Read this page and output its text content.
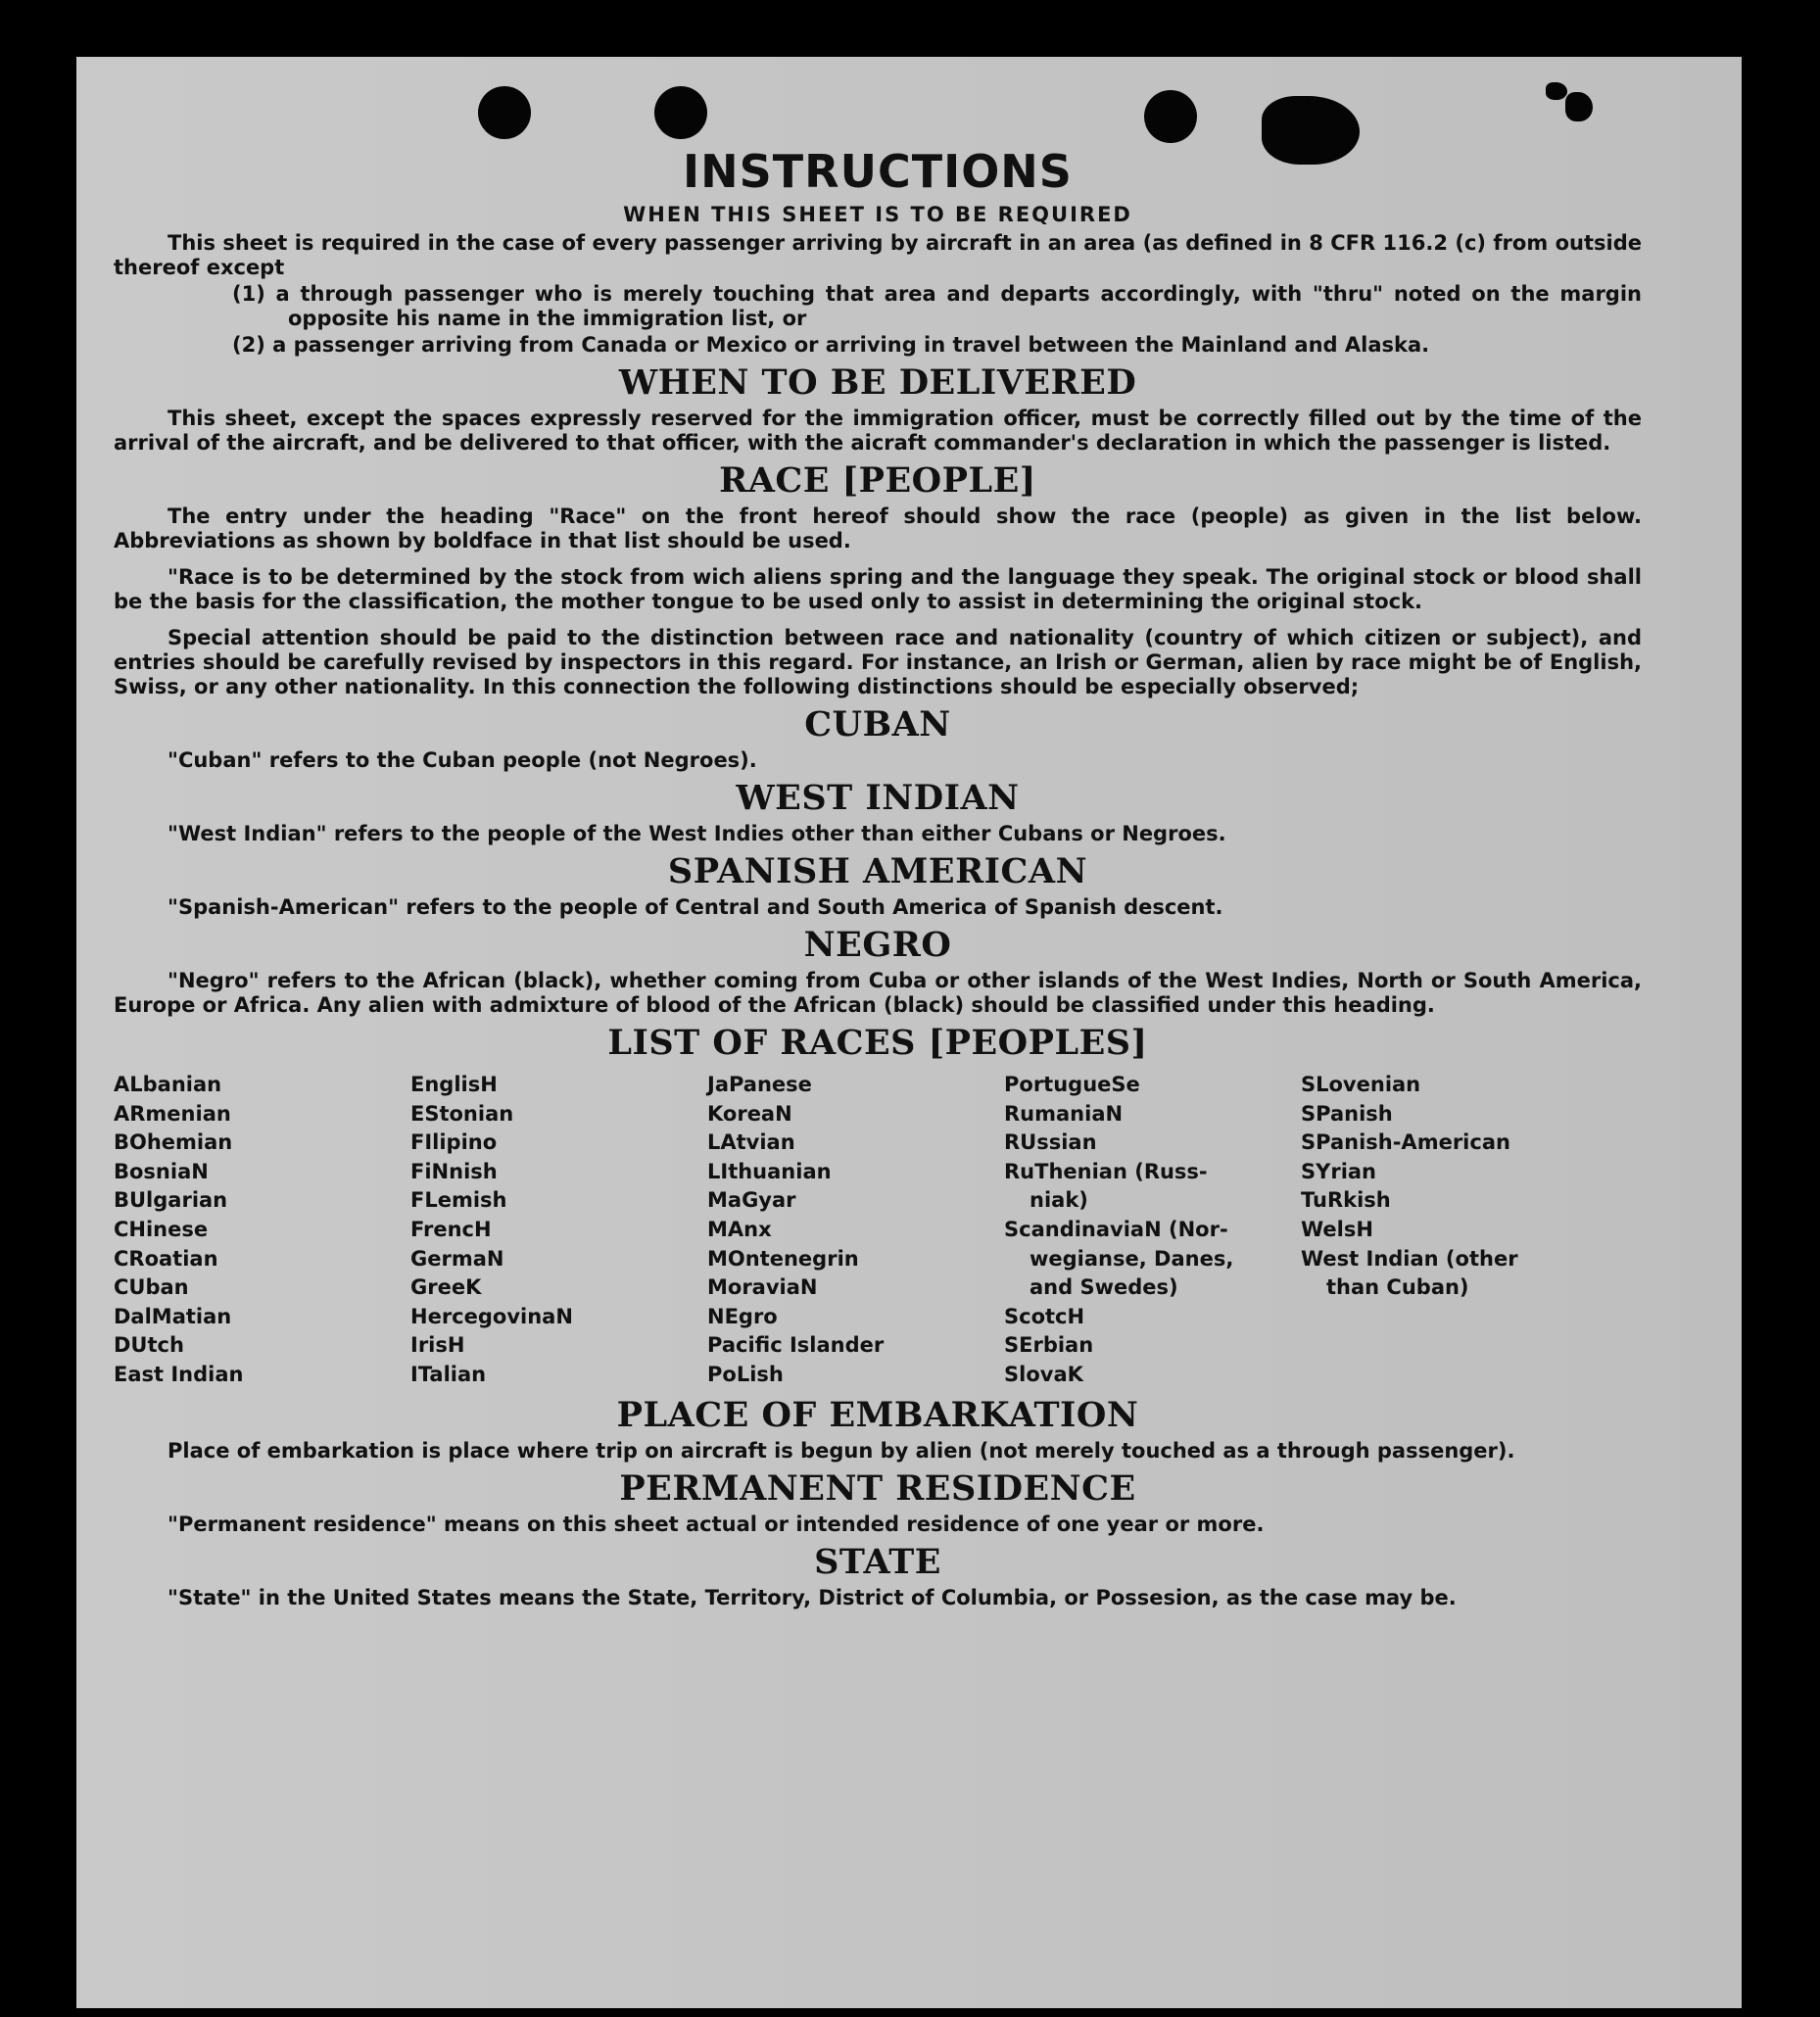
INSTRUCTIONS
WHEN THIS SHEET IS TO BE REQUIRED

This sheet is required in the case of every passenger arriving by aircraft in an area (as defined in 8 CFR 116.2 (c) from outside thereof except

(1) a through passenger who is merely touching that area and departs accordingly, with "thru" noted on the margin opposite his name in the immigration list, or

(2) a passenger arriving from Canada or Mexico or arriving in travel between the Mainland and Alaska.

WHEN TO BE DELIVERED

This sheet, except the spaces expressly reserved for the immigration officer, must be correctly filled out by the time of the arrival of the aircraft, and be delivered to that officer, with the aicraft commander's declaration in which the passenger is listed.

RACE [PEOPLE]

The entry under the heading "Race" on the front hereof should show the race (people) as given in the list below. Abbreviations as shown by boldface in that list should be used.

"Race is to be determined by the stock from wich aliens spring and the language they speak. The original stock or blood shall be the basis for the classification, the mother tongue to be used only to assist in determining the original stock.

Special attention should be paid to the distinction between race and nationality (country of which citizen or subject), and entries should be carefully revised by inspectors in this regard. For instance, an Irish or German, alien by race might be of English, Swiss, or any other nationality. In this connection the following distinctions should be especially observed;

CUBAN

"Cuban" refers to the Cuban people (not Negroes).

WEST INDIAN

"West Indian" refers to the people of the West Indies other than either Cubans or Negroes.

SPANISH AMERICAN

"Spanish-American" refers to the people of Central and South America of Spanish descent.

NEGRO

"Negro" refers to the African (black), whether coming from Cuba or other islands of the West Indies, North or South America, Europe or Africa. Any alien with admixture of blood of the African (black) should be classified under this heading.

LIST OF RACES [PEOPLES]
ALbanian
ARmenian
BOhemian
BosniaN
BUlgarian
CHinese
CRoatian
CUban
DalMatian
DUtch
East Indian
EnglisH
EStonian
FIlipino
FiNnish
FLemish
FrencH
GermaN
GreeK
HercegovinaN
IrisH
ITalian
JaPanese
KoreaN
LAtvian
LIthuanian
MaGyar
MAnx
MOntenegrin
MoraviaN
NEgro
Pacific Islander
PoLish
PortugueSe
RumaniaN
RUssian
RuThenian (Russ-
niak)
ScandinaviaN (Nor-
wegianse, Danes,
and Swedes)
ScotcH
SErbian
SlovaK
SLovenian
SPanish
SPanish-American
SYrian
TuRkish
WelsH
West Indian (other
than Cuban)
PLACE OF EMBARKATION

Place of embarkation is place where trip on aircraft is begun by alien (not merely touched as a through passenger).

PERMANENT RESIDENCE

"Permanent residence" means on this sheet actual or intended residence of one year or more.

STATE

"State" in the United States means the State, Territory, District of Columbia, or Possesion, as the case may be.
